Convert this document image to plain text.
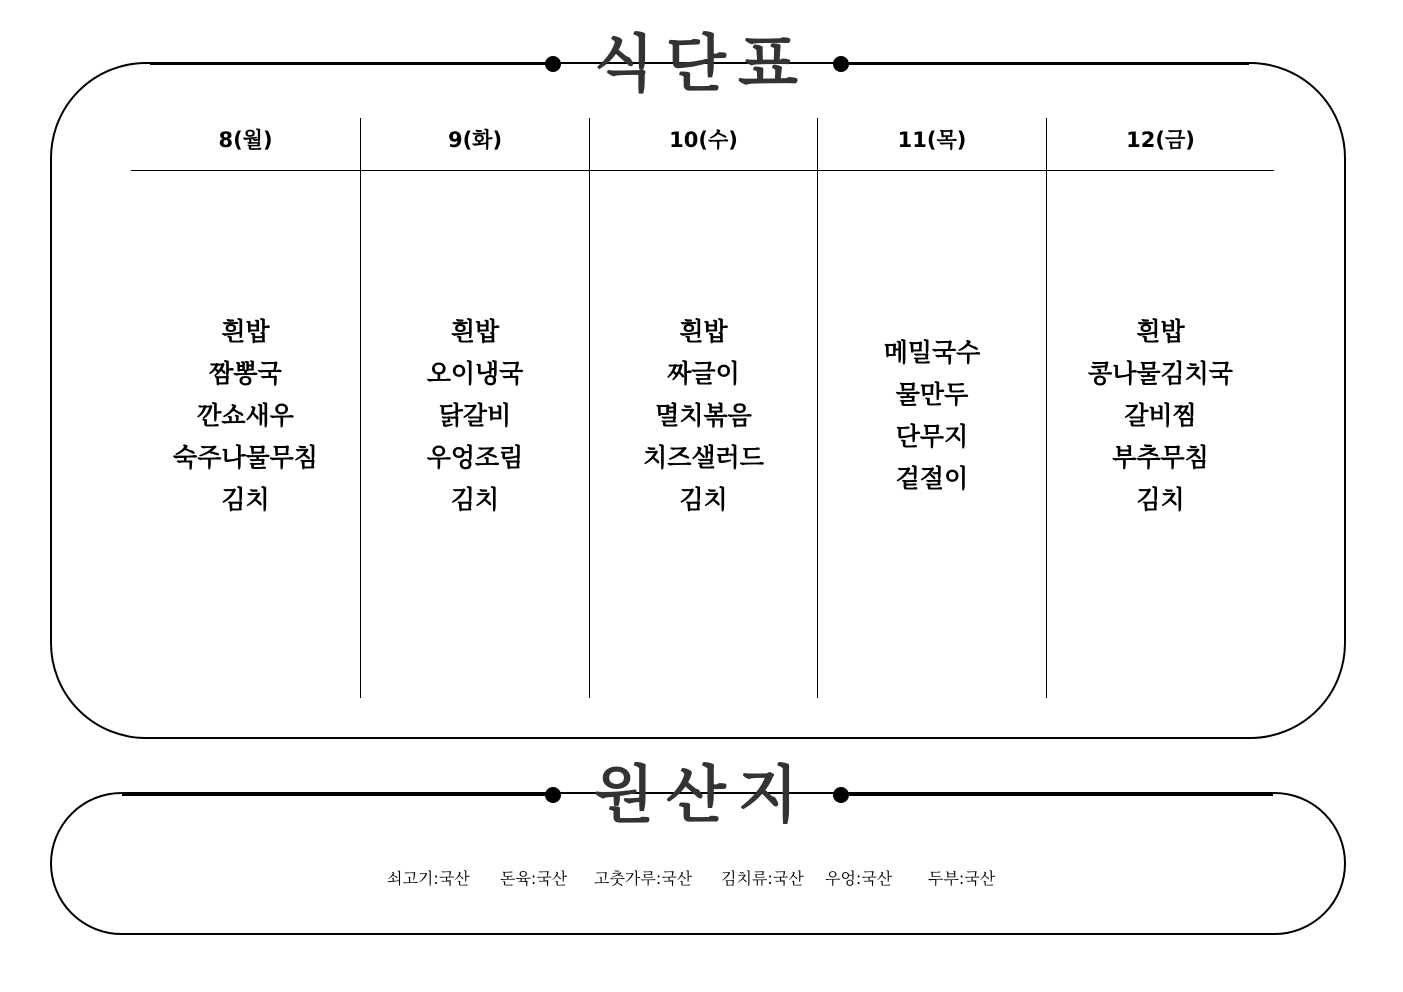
식단표
8(월)
흰밥
짬뽕국
깐쇼새우
숙주나물무침
김치
9(화)
흰밥
오이냉국
닭갈비
우엉조림
김치
10(수)
흰밥
짜글이
멸치볶음
치즈샐러드
김치
11(목)
메밀국수
물만두
단무지
겉절이
12(금)
흰밥
콩나물김치국
갈비찜
부추무침
김치
원산지
쇠고기:국산 돈육:국산 고춧가루:국산 김치류:국산 우엉:국산 두부:국산
